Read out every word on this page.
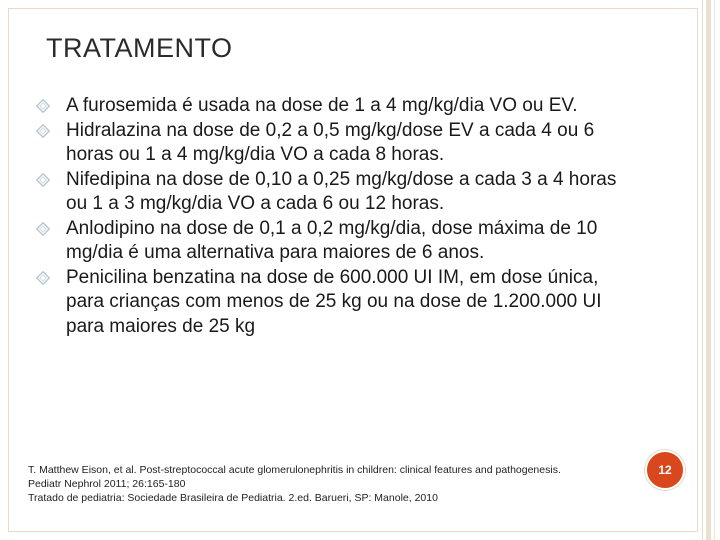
TRATAMENTO
A furosemida é usada na dose de 1 a 4 mg/kg/dia VO ou EV.
Hidralazina na dose de 0,2 a 0,5 mg/kg/dose EV a cada 4 ou 6 horas ou 1 a 4 mg/kg/dia VO a cada 8 horas.
Nifedipina na dose de 0,10 a 0,25 mg/kg/dose a cada 3 a 4 horas ou 1 a 3 mg/kg/dia VO a cada 6 ou 12 horas.
Anlodipino na dose de 0,1 a 0,2 mg/kg/dia, dose máxima de 10 mg/dia é uma alternativa para maiores de 6 anos.
Penicilina benzatina na dose de 600.000 UI IM, em dose única, para crianças com menos de 25 kg ou na dose de 1.200.000 UI para maiores de 25 kg
T. Matthew Eison, et al. Post-streptococcal acute glomerulonephritis in children: clinical features and pathogenesis.
Pediatr Nephrol 2011; 26:165-180
Tratado de pediatria: Sociedade Brasileira de Pediatria. 2.ed. Barueri, SP: Manole, 2010
12
